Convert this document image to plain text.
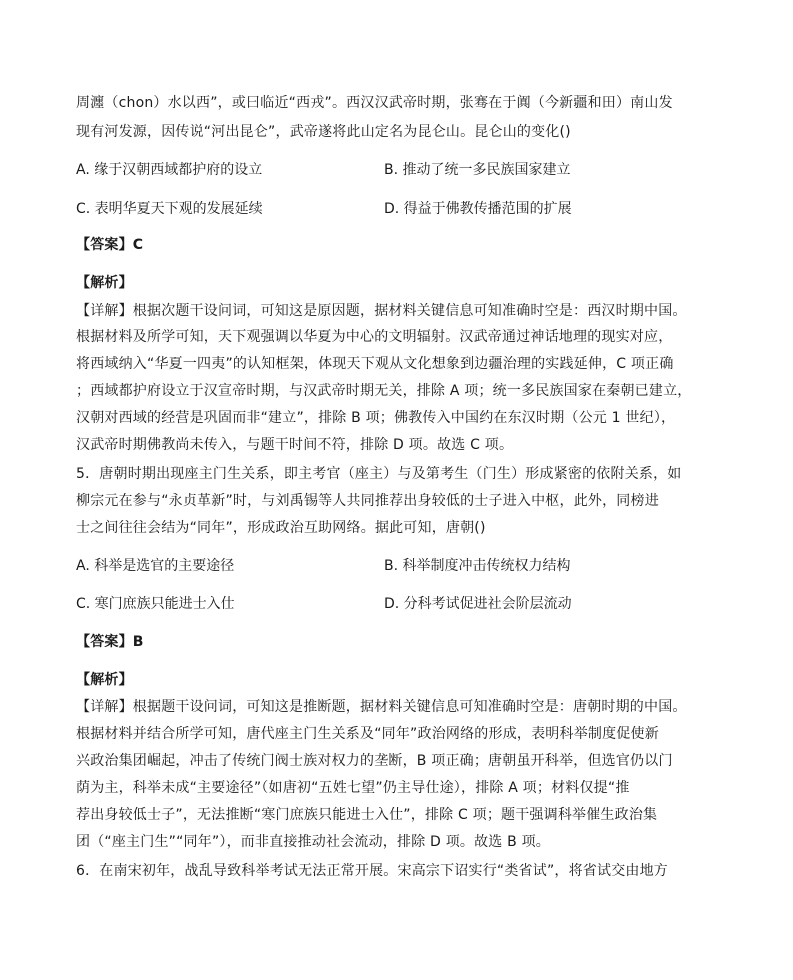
周瀍（chon）水以西”，或曰临近“西戎”。西汉汉武帝时期，张骞在于阗（今新疆和田）南山发
现有河发源，因传说“河出昆仑”，武帝遂将此山定名为昆仑山。昆仑山的变化()
A. 缘于汉朝西域都护府的设立	B. 推动了统一多民族国家建立
C. 表明华夏天下观的发展延续	D. 得益于佛教传播范围的扩展
【答案】C
【解析】
【详解】根据次题干设问词，可知这是原因题，据材料关键信息可知准确时空是：西汉时期中国。
根据材料及所学可知，天下观强调以华夏为中心的文明辐射。汉武帝通过神话地理的现实对应，
将西域纳入“华夏一四夷”的认知框架，体现天下观从文化想象到边疆治理的实践延伸，C 项正确
；西域都护府设立于汉宣帝时期，与汉武帝时期无关，排除 A 项；统一多民族国家在秦朝已建立，
汉朝对西域的经营是巩固而非“建立”，排除 B 项；佛教传入中国约在东汉时期（公元 1 世纪），
汉武帝时期佛教尚未传入，与题干时间不符，排除 D 项。故选 C 项。
5．唐朝时期出现座主门生关系，即主考官（座主）与及第考生（门生）形成紧密的依附关系，如
柳宗元在参与“永贞革新”时，与刘禹锡等人共同推荐出身较低的士子进入中枢，此外，同榜进
士之间往往会结为“同年”，形成政治互助网络。据此可知，唐朝()
A. 科举是选官的主要途径	B. 科举制度冲击传统权力结构
C. 寒门庶族只能进士入仕	D. 分科考试促进社会阶层流动
【答案】B
【解析】
【详解】根据题干设问词，可知这是推断题，据材料关键信息可知准确时空是：唐朝时期的中国。
根据材料并结合所学可知，唐代座主门生关系及“同年”政治网络的形成，表明科举制度促使新
兴政治集团崛起，冲击了传统门阀士族对权力的垄断，B 项正确；唐朝虽开科举，但选官仍以门
荫为主，科举未成“主要途径”（如唐初“五姓七望”仍主导仕途），排除 A 项；材料仅提“推
荐出身较低士子”，无法推断“寒门庶族只能进士入仕”，排除 C 项；题干强调科举催生政治集
团（“座主门生”“同年”），而非直接推动社会流动，排除 D 项。故选 B 项。
6．在南宋初年，战乱导致科举考试无法正常开展。宋高宗下诏实行“类省试”，将省试交由地方
